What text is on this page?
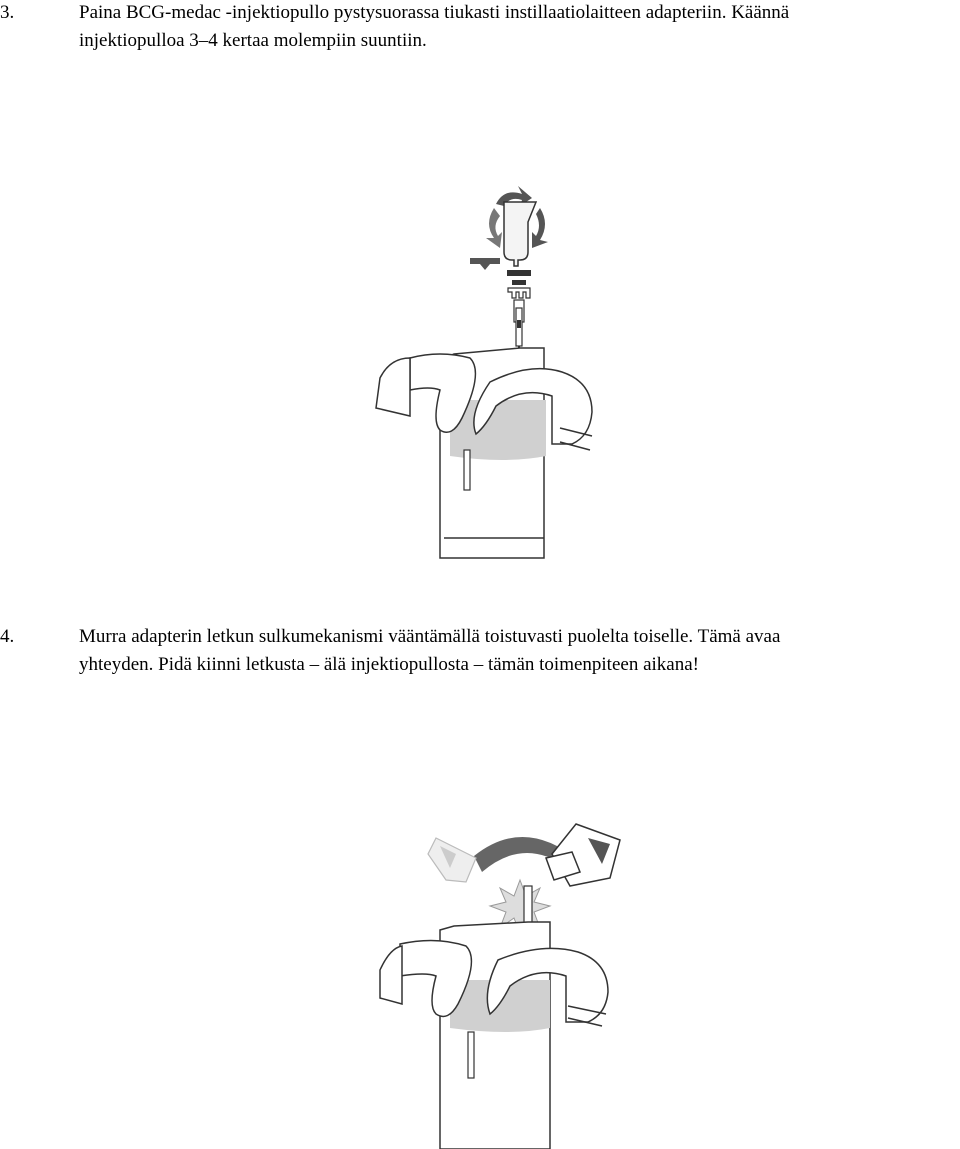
3.	Paina BCG-medac -injektiopullo pystysuorassa tiukasti instillaatiolaitteen adapteriin. Käännä
injektiopulloa 3–4 kertaa molempiin suuntiin.
4.	Murra adapterin letkun sulkumekanismi vääntämällä toistuvasti puolelta toiselle. Tämä avaa
yhteyden. Pidä kiinni letkusta – älä injektiopullosta – tämän toimenpiteen aikana!
